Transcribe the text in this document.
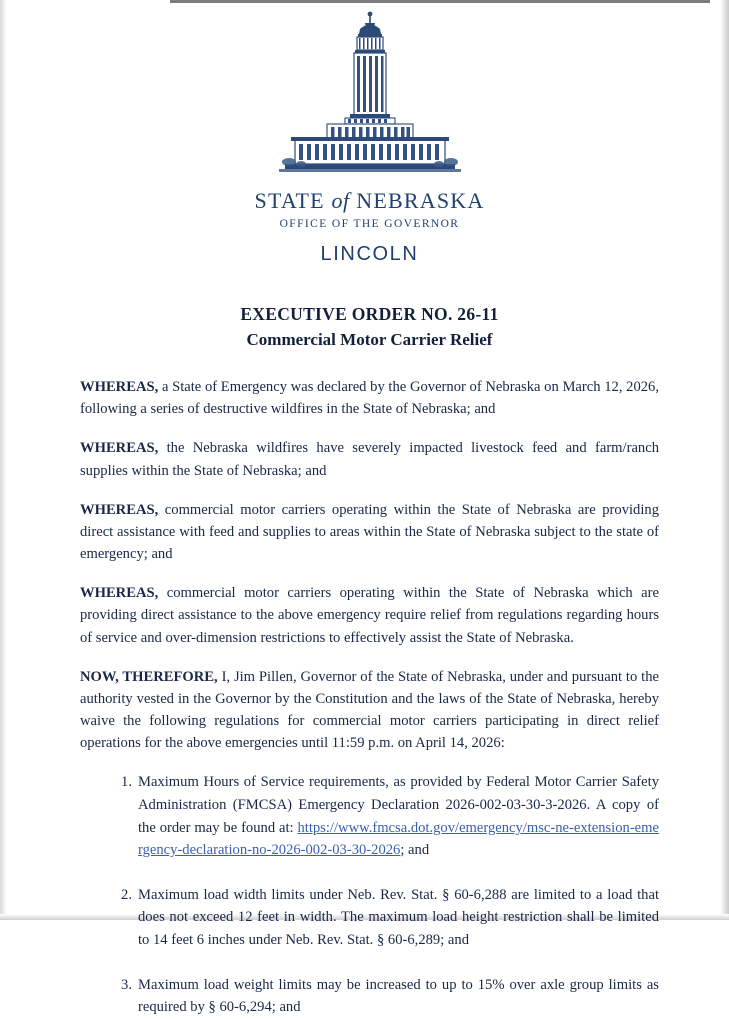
STATE of NEBRASKA
OFFICE OF THE GOVERNOR
LINCOLN
EXECUTIVE ORDER NO. 26-11
Commercial Motor Carrier Relief

WHEREAS, a State of Emergency was declared by the Governor of Nebraska on March 12, 2026, following a series of destructive wildfires in the State of Nebraska; and

WHEREAS, the Nebraska wildfires have severely impacted livestock feed and farm/ranch supplies within the State of Nebraska; and

WHEREAS, commercial motor carriers operating within the State of Nebraska are providing direct assistance with feed and supplies to areas within the State of Nebraska subject to the state of emergency; and

WHEREAS, commercial motor carriers operating within the State of Nebraska which are providing direct assistance to the above emergency require relief from regulations regarding hours of service and over-dimension restrictions to effectively assist the State of Nebraska.

NOW, THEREFORE, I, Jim Pillen, Governor of the State of Nebraska, under and pursuant to the authority vested in the Governor by the Constitution and the laws of the State of Nebraska, hereby waive the following regulations for commercial motor carriers participating in direct relief operations for the above emergencies until 11:59 p.m. on April 14, 2026:

1. Maximum Hours of Service requirements, as provided by Federal Motor Carrier Safety Administration (FMCSA) Emergency Declaration 2026-002-03-30-3-2026. A copy of the order may be found at: https://www.fmcsa.dot.gov/emergency/msc-ne-extension-emergency-declaration-no-2026-002-03-30-2026; and
2. Maximum load width limits under Neb. Rev. Stat. § 60-6,288 are limited to a load that does not exceed 12 feet in width. The maximum load height restriction shall be limited to 14 feet 6 inches under Neb. Rev. Stat. § 60-6,289; and
3. Maximum load weight limits may be increased to up to 15% over axle group limits as required by § 60-6,294; and
